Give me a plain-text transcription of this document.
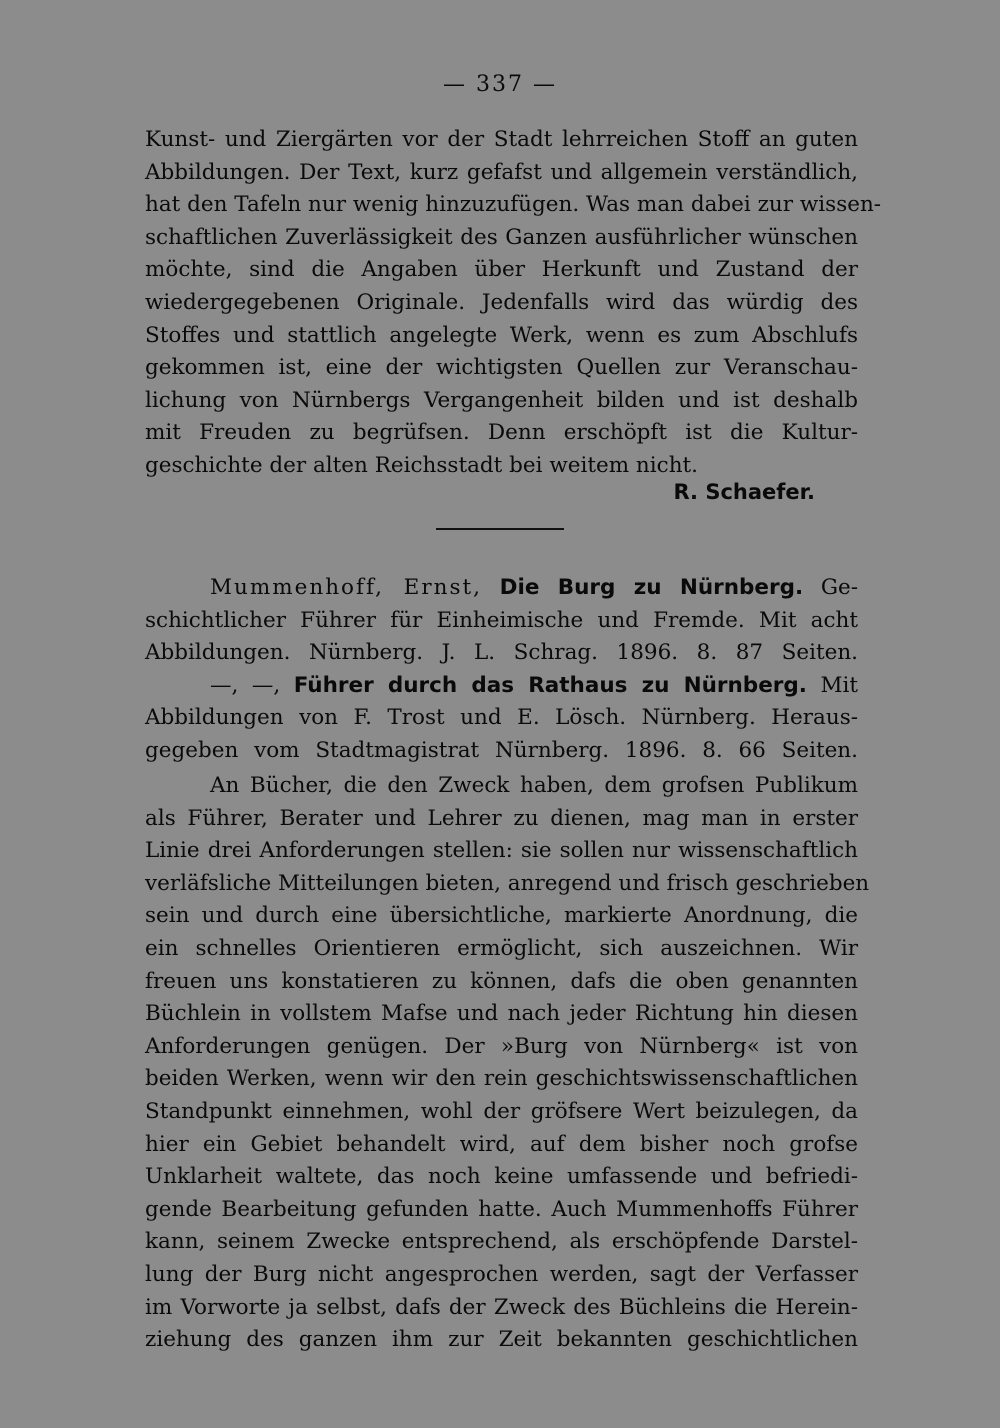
— 337 —
Kunst- und Ziergärten vor der Stadt lehrreichen Stoff an guten
Abbildungen. Der Text, kurz gefafst und allgemein verständlich,
hat den Tafeln nur wenig hinzuzufügen. Was man dabei zur wissen-
schaftlichen Zuverlässigkeit des Ganzen ausführlicher wünschen
möchte, sind die Angaben über Herkunft und Zustand der
wiedergegebenen Originale. Jedenfalls wird das würdig des
Stoffes und stattlich angelegte Werk, wenn es zum Abschlufs
gekommen ist, eine der wichtigsten Quellen zur Veranschau-
lichung von Nürnbergs Vergangenheit bilden und ist deshalb
mit Freuden zu begrüfsen. Denn erschöpft ist die Kultur-
geschichte der alten Reichsstadt bei weitem nicht.
R. Schaefer.
Mummenhoff, Ernst, Die Burg zu Nürnberg. Ge-
schichtlicher Führer für Einheimische und Fremde. Mit acht
Abbildungen. Nürnberg. J. L. Schrag. 1896. 8. 87 Seiten.
—, —, Führer durch das Rathaus zu Nürnberg. Mit
Abbildungen von F. Trost und E. Lösch. Nürnberg. Heraus-
gegeben vom Stadtmagistrat Nürnberg. 1896. 8. 66 Seiten.
An Bücher, die den Zweck haben, dem grofsen Publikum
als Führer, Berater und Lehrer zu dienen, mag man in erster
Linie drei Anforderungen stellen: sie sollen nur wissenschaftlich
verläfsliche Mitteilungen bieten, anregend und frisch geschrieben
sein und durch eine übersichtliche, markierte Anordnung, die
ein schnelles Orientieren ermöglicht, sich auszeichnen. Wir
freuen uns konstatieren zu können, dafs die oben genannten
Büchlein in vollstem Mafse und nach jeder Richtung hin diesen
Anforderungen genügen. Der »Burg von Nürnberg« ist von
beiden Werken, wenn wir den rein geschichtswissenschaftlichen
Standpunkt einnehmen, wohl der gröfsere Wert beizulegen, da
hier ein Gebiet behandelt wird, auf dem bisher noch grofse
Unklarheit waltete, das noch keine umfassende und befriedi-
gende Bearbeitung gefunden hatte. Auch Mummenhoffs Führer
kann, seinem Zwecke entsprechend, als erschöpfende Darstel-
lung der Burg nicht angesprochen werden, sagt der Verfasser
im Vorworte ja selbst, dafs der Zweck des Büchleins die Herein-
ziehung des ganzen ihm zur Zeit bekannten geschichtlichen
